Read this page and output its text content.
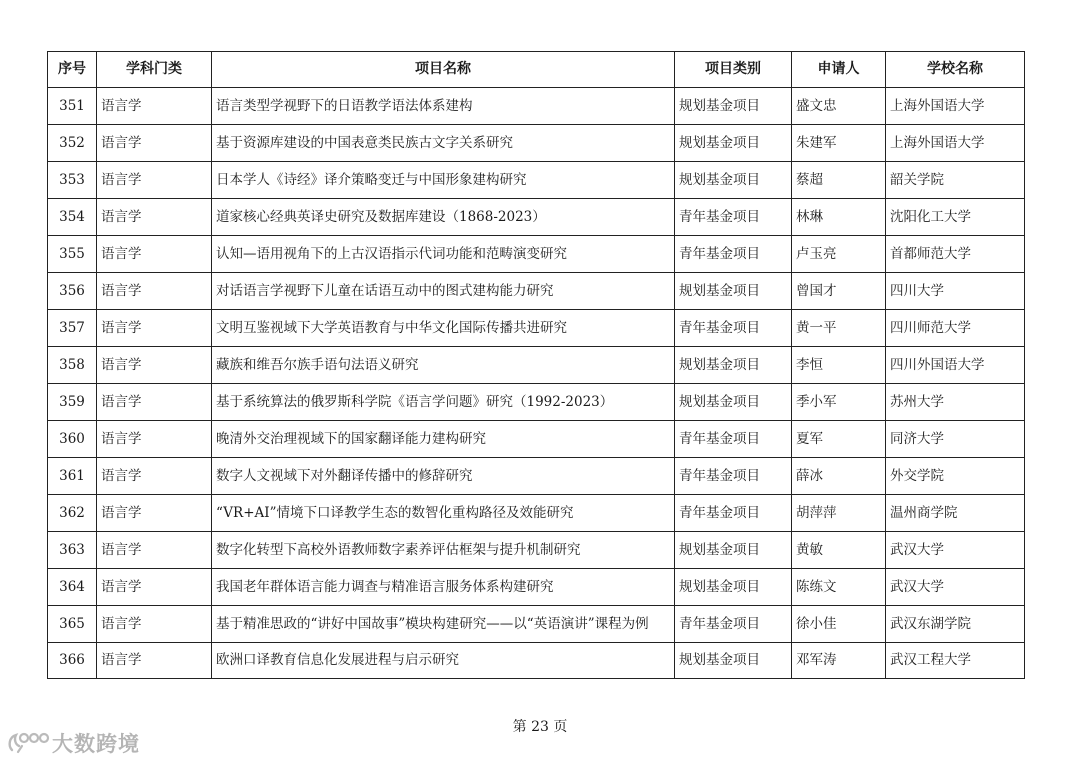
序号	学科门类	项目名称	项目类别	申请人	学校名称
351	语言学	语言类型学视野下的日语教学语法体系建构	规划基金项目	盛文忠	上海外国语大学
352	语言学	基于资源库建设的中国表意类民族古文字关系研究	规划基金项目	朱建军	上海外国语大学
353	语言学	日本学人《诗经》译介策略变迁与中国形象建构研究	规划基金项目	蔡超	韶关学院
354	语言学	道家核心经典英译史研究及数据库建设（1868-2023）	青年基金项目	林琳	沈阳化工大学
355	语言学	认知—语用视角下的上古汉语指示代词功能和范畴演变研究	青年基金项目	卢玉亮	首都师范大学
356	语言学	对话语言学视野下儿童在话语互动中的图式建构能力研究	规划基金项目	曾国才	四川大学
357	语言学	文明互鉴视域下大学英语教育与中华文化国际传播共进研究	青年基金项目	黄一平	四川师范大学
358	语言学	藏族和维吾尔族手语句法语义研究	规划基金项目	李恒	四川外国语大学
359	语言学	基于系统算法的俄罗斯科学院《语言学问题》研究（1992-2023）	规划基金项目	季小军	苏州大学
360	语言学	晚清外交治理视域下的国家翻译能力建构研究	青年基金项目	夏军	同济大学
361	语言学	数字人文视域下对外翻译传播中的修辞研究	青年基金项目	薛冰	外交学院
362	语言学	“VR+AI”情境下口译教学生态的数智化重构路径及效能研究	青年基金项目	胡萍萍	温州商学院
363	语言学	数字化转型下高校外语教师数字素养评估框架与提升机制研究	规划基金项目	黄敏	武汉大学
364	语言学	我国老年群体语言能力调查与精准语言服务体系构建研究	规划基金项目	陈练文	武汉大学
365	语言学	基于精准思政的“讲好中国故事”模块构建研究——以“英语演讲”课程为例	青年基金项目	徐小佳	武汉东湖学院
366	语言学	欧洲口译教育信息化发展进程与启示研究	规划基金项目	邓军涛	武汉工程大学
第 23 页
大数跨境
